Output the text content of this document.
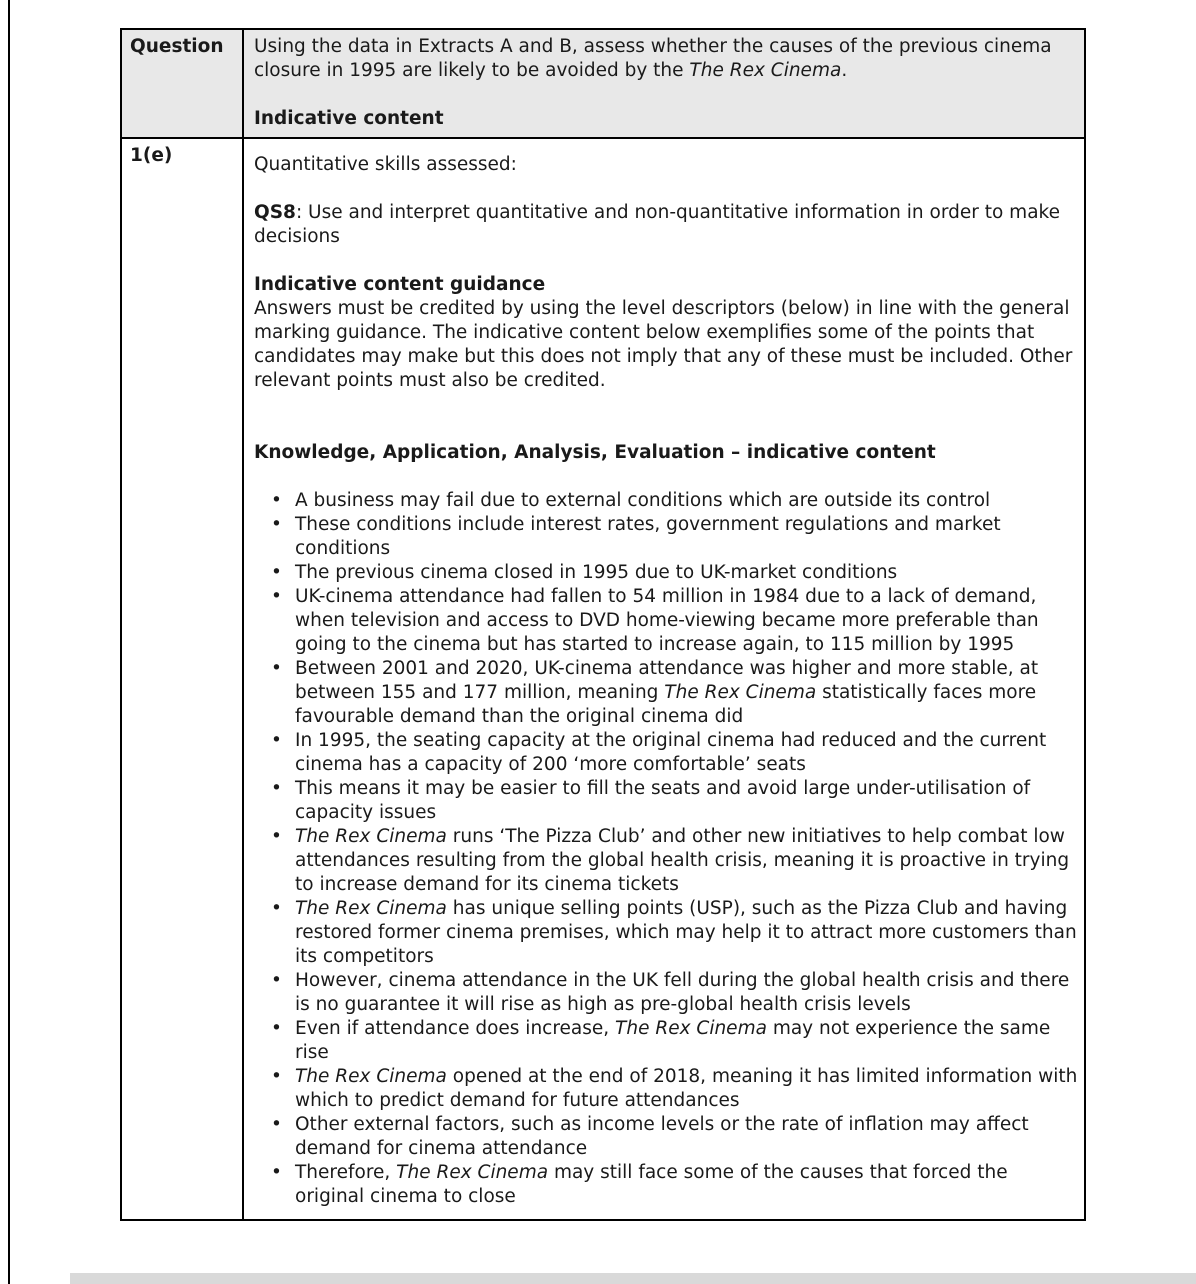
Question	Using the data in Extracts A and B, assess whether the causes of the previous cinema closure in 1995 are likely to be avoided by the The Rex Cinema.

Indicative content

1(e)	Quantitative skills assessed:

QS8: Use and interpret quantitative and non-quantitative information in order to make decisions

Indicative content guidance

Answers must be credited by using the level descriptors (below) in line with the general marking guidance. The indicative content below exemplifies some of the points that candidates may make but this does not imply that any of these must be included. Other relevant points must also be credited.

Knowledge, Application, Analysis, Evaluation – indicative content

• A business may fail due to external conditions which are outside its control
• These conditions include interest rates, government regulations and market conditions
• The previous cinema closed in 1995 due to UK-market conditions
• UK-cinema attendance had fallen to 54 million in 1984 due to a lack of demand, when television and access to DVD home-viewing became more preferable than going to the cinema but has started to increase again, to 115 million by 1995
• Between 2001 and 2020, UK-cinema attendance was higher and more stable, at between 155 and 177 million, meaning The Rex Cinema statistically faces more favourable demand than the original cinema did
• In 1995, the seating capacity at the original cinema had reduced and the current cinema has a capacity of 200 ‘more comfortable’ seats
• This means it may be easier to fill the seats and avoid large under-utilisation of capacity issues
• The Rex Cinema runs ‘The Pizza Club’ and other new initiatives to help combat low attendances resulting from the global health crisis, meaning it is proactive in trying to increase demand for its cinema tickets
• The Rex Cinema has unique selling points (USP), such as the Pizza Club and having restored former cinema premises, which may help it to attract more customers than its competitors
• However, cinema attendance in the UK fell during the global health crisis and there is no guarantee it will rise as high as pre-global health crisis levels
• Even if attendance does increase, The Rex Cinema may not experience the same rise
• The Rex Cinema opened at the end of 2018, meaning it has limited information with which to predict demand for future attendances
• Other external factors, such as income levels or the rate of inflation may affect demand for cinema attendance
• Therefore, The Rex Cinema may still face some of the causes that forced the original cinema to close
